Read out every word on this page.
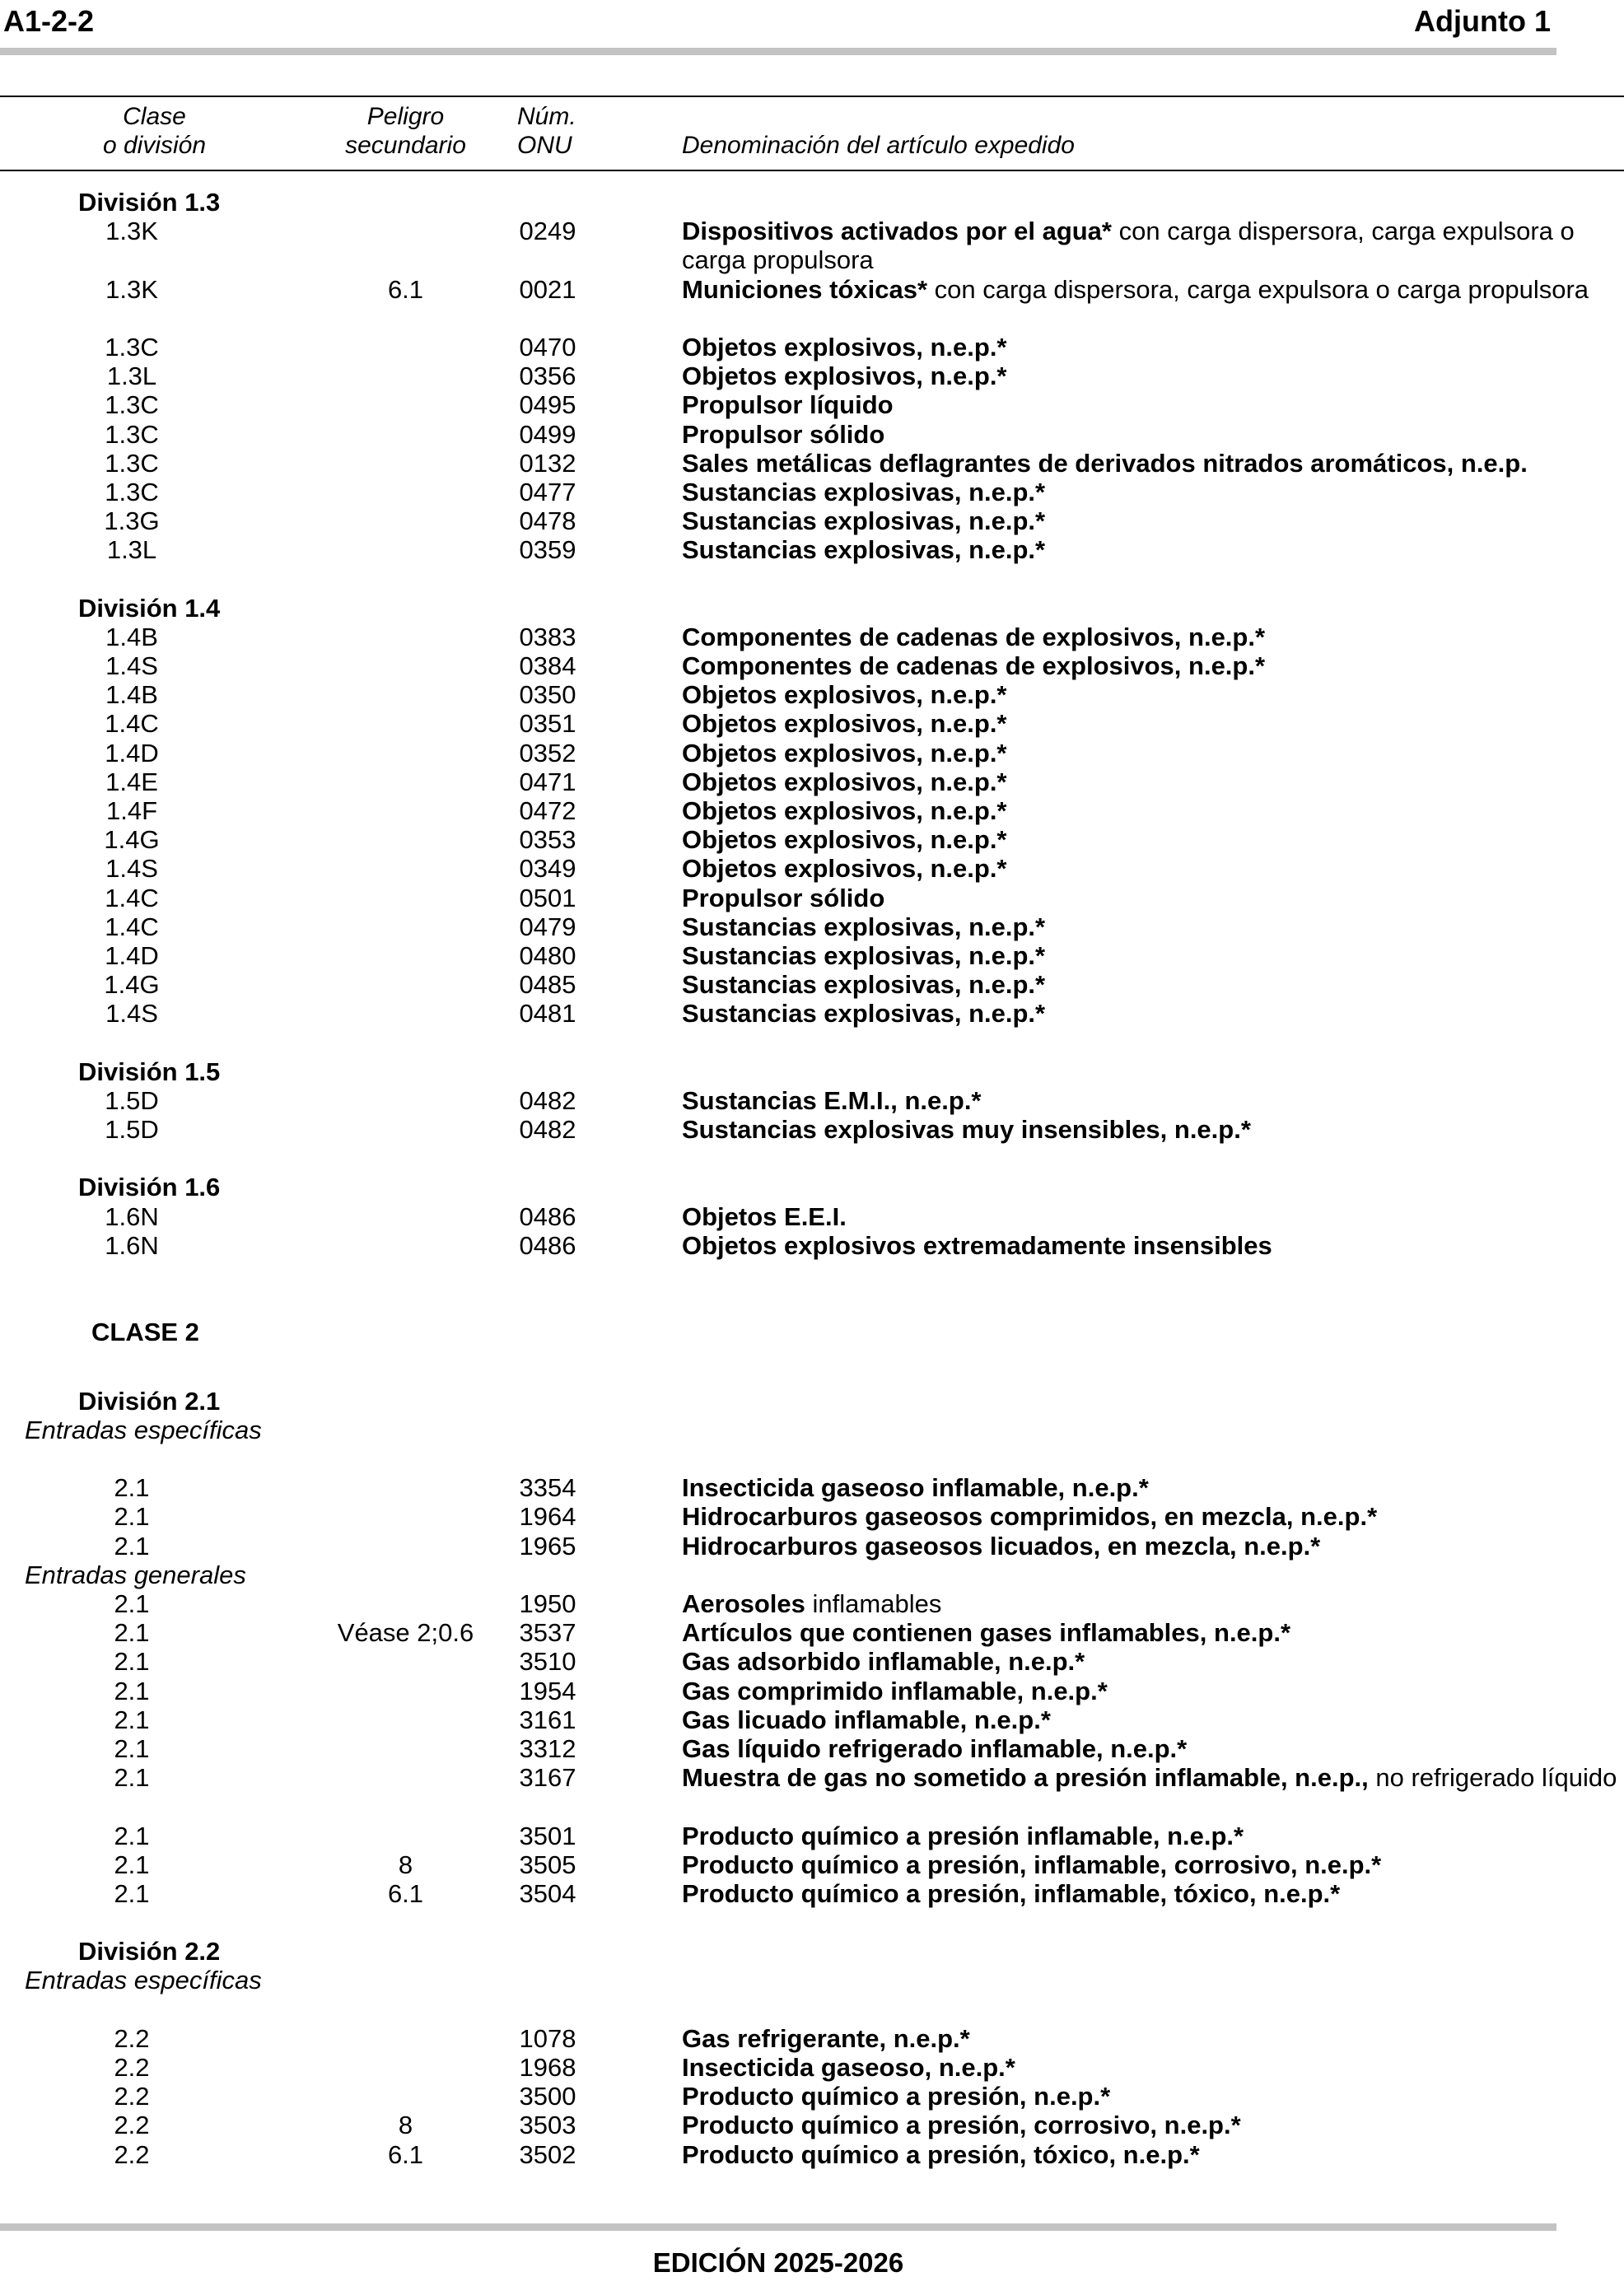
A1-2-2	Adjunto 1
Clase
o división
Peligro
secundario
Núm.
ONU	Denominación del artículo expedido
División 1.3
1.3K	0249	Dispositivos activados por el agua* con carga dispersora, carga expulsora o carga propulsora
1.3K	6.1	0021	Municiones tóxicas* con carga dispersora, carga expulsora o carga propulsora
1.3C	0470	Objetos explosivos, n.e.p.*
1.3L	0356	Objetos explosivos, n.e.p.*
1.3C	0495	Propulsor líquido
1.3C	0499	Propulsor sólido
1.3C	0132	Sales metálicas deflagrantes de derivados nitrados aromáticos, n.e.p.
1.3C	0477	Sustancias explosivas, n.e.p.*
1.3G	0478	Sustancias explosivas, n.e.p.*
1.3L	0359	Sustancias explosivas, n.e.p.*
División 1.4
1.4B	0383	Componentes de cadenas de explosivos, n.e.p.*
1.4S	0384	Componentes de cadenas de explosivos, n.e.p.*
1.4B	0350	Objetos explosivos, n.e.p.*
1.4C	0351	Objetos explosivos, n.e.p.*
1.4D	0352	Objetos explosivos, n.e.p.*
1.4E	0471	Objetos explosivos, n.e.p.*
1.4F	0472	Objetos explosivos, n.e.p.*
1.4G	0353	Objetos explosivos, n.e.p.*
1.4S	0349	Objetos explosivos, n.e.p.*
1.4C	0501	Propulsor sólido
1.4C	0479	Sustancias explosivas, n.e.p.*
1.4D	0480	Sustancias explosivas, n.e.p.*
1.4G	0485	Sustancias explosivas, n.e.p.*
1.4S	0481	Sustancias explosivas, n.e.p.*
División 1.5
1.5D	0482	Sustancias E.M.I., n.e.p.*
1.5D	0482	Sustancias explosivas muy insensibles, n.e.p.*
División 1.6
1.6N	0486	Objetos E.E.I.
1.6N	0486	Objetos explosivos extremadamente insensibles
CLASE 2
División 2.1
Entradas específicas
2.1	3354	Insecticida gaseoso inflamable, n.e.p.*
2.1	1964	Hidrocarburos gaseosos comprimidos, en mezcla, n.e.p.*
2.1	1965	Hidrocarburos gaseosos licuados, en mezcla, n.e.p.*
Entradas generales
2.1	1950	Aerosoles inflamables
2.1	Véase 2;0.6	3537	Artículos que contienen gases inflamables, n.e.p.*
2.1	3510	Gas adsorbido inflamable, n.e.p.*
2.1	1954	Gas comprimido inflamable, n.e.p.*
2.1	3161	Gas licuado inflamable, n.e.p.*
2.1	3312	Gas líquido refrigerado inflamable, n.e.p.*
2.1	3167	Muestra de gas no sometido a presión inflamable, n.e.p., no refrigerado líquido
2.1	3501	Producto químico a presión inflamable, n.e.p.*
2.1	8	3505	Producto químico a presión, inflamable, corrosivo, n.e.p.*
2.1	6.1	3504	Producto químico a presión, inflamable, tóxico, n.e.p.*
División 2.2
Entradas específicas
2.2	1078	Gas refrigerante, n.e.p.*
2.2	1968	Insecticida gaseoso, n.e.p.*
2.2	3500	Producto químico a presión, n.e.p.*
2.2	8	3503	Producto químico a presión, corrosivo, n.e.p.*
2.2	6.1	3502	Producto químico a presión, tóxico, n.e.p.*
EDICIÓN 2025-2026
